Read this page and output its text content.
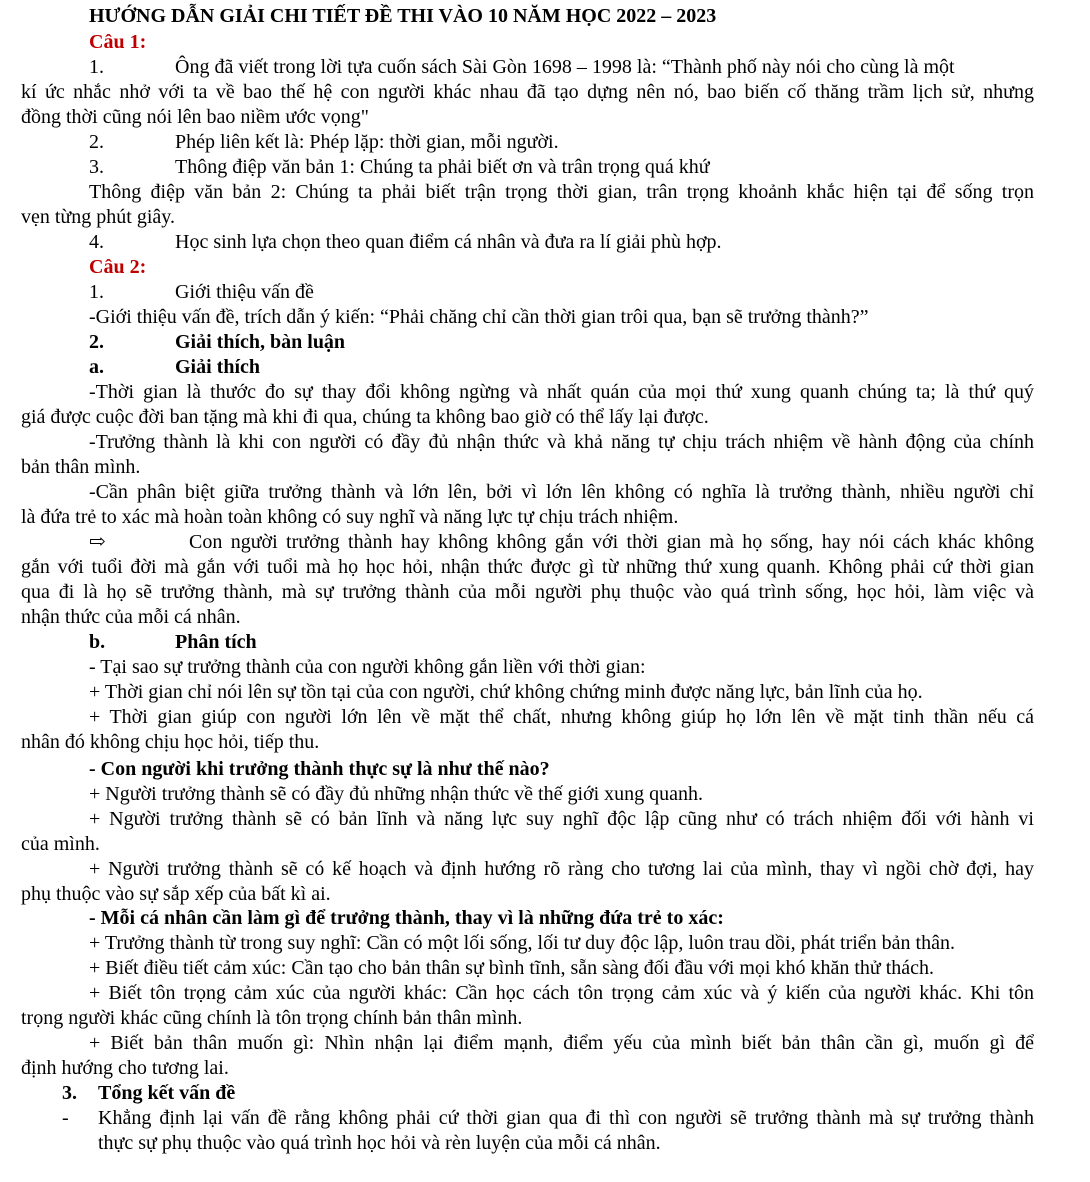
HƯỚNG DẪN GIẢI CHI TIẾT ĐỀ THI VÀO 10 NĂM HỌC 2022 – 2023
Câu 1:
1.	Ông đã viết trong lời tựa cuốn sách Sài Gòn 1698 – 1998 là: “Thành phố này nói cho cùng là một
kí ức nhắc nhở với ta về bao thế hệ con người khác nhau đã tạo dựng nên nó, bao biến cố thăng trầm lịch sử, nhưng
đồng thời cũng nói lên bao niềm ước vọng"
2.	Phép liên kết là: Phép lặp: thời gian, mỗi người.
3.	Thông điệp văn bản 1: Chúng ta phải biết ơn và trân trọng quá khứ
Thông điệp văn bản 2: Chúng ta phải biết trận trọng thời gian, trân trọng khoảnh khắc hiện tại để sống trọn
vẹn từng phút giây.
4.	Học sinh lựa chọn theo quan điểm cá nhân và đưa ra lí giải phù hợp.
Câu 2:
1.	Giới thiệu vấn đề
-Giới thiệu vấn đề, trích dẫn ý kiến: “Phải chăng chỉ cần thời gian trôi qua, bạn sẽ trưởng thành?”
2.	Giải thích, bàn luận
a.	Giải thích
-Thời gian là thước đo sự thay đổi không ngừng và nhất quán của mọi thứ xung quanh chúng ta; là thứ quý
giá được cuộc đời ban tặng mà khi đi qua, chúng ta không bao giờ có thể lấy lại được.
-Trưởng thành là khi con người có đầy đủ nhận thức và khả năng tự chịu trách nhiệm về hành động của chính
bản thân mình.
-Cần phân biệt giữa trưởng thành và lớn lên, bởi vì lớn lên không có nghĩa là trưởng thành, nhiều người chỉ
là đứa trẻ to xác mà hoàn toàn không có suy nghĩ và năng lực tự chịu trách nhiệm.
⇨	Con người trưởng thành hay không không gắn với thời gian mà họ sống, hay nói cách khác không
gắn với tuổi đời mà gắn với tuổi mà họ học hỏi, nhận thức được gì từ những thứ xung quanh. Không phải cứ thời gian
qua đi là họ sẽ trưởng thành, mà sự trưởng thành của mỗi người phụ thuộc vào quá trình sống, học hỏi, làm việc và
nhận thức của mỗi cá nhân.
b.	Phân tích
- Tại sao sự trưởng thành của con người không gắn liền với thời gian:
+ Thời gian chỉ nói lên sự tồn tại của con người, chứ không chứng minh được năng lực, bản lĩnh của họ.
+ Thời gian giúp con người lớn lên về mặt thể chất, nhưng không giúp họ lớn lên về mặt tinh thần nếu cá
nhân đó không chịu học hỏi, tiếp thu.
- Con người khi trưởng thành thực sự là như thế nào?
+ Người trưởng thành sẽ có đầy đủ những nhận thức về thế giới xung quanh.
+ Người trưởng thành sẽ có bản lĩnh và năng lực suy nghĩ độc lập cũng như có trách nhiệm đối với hành vi
của mình.
+ Người trưởng thành sẽ có kế hoạch và định hướng rõ ràng cho tương lai của mình, thay vì ngồi chờ đợi, hay
phụ thuộc vào sự sắp xếp của bất kì ai.
- Mỗi cá nhân cần làm gì để trưởng thành, thay vì là những đứa trẻ to xác:
+ Trưởng thành từ trong suy nghĩ: Cần có một lối sống, lối tư duy độc lập, luôn trau dồi, phát triển bản thân.
+ Biết điều tiết cảm xúc: Cần tạo cho bản thân sự bình tĩnh, sẵn sàng đối đầu với mọi khó khăn thử thách.
+ Biết tôn trọng cảm xúc của người khác: Cần học cách tôn trọng cảm xúc và ý kiến của người khác. Khi tôn
trọng người khác cũng chính là tôn trọng chính bản thân mình.
+ Biết bản thân muốn gì: Nhìn nhận lại điểm mạnh, điểm yếu của mình biết bản thân cần gì, muốn gì để
định hướng cho tương lai.
3. Tổng kết vấn đề
-	Khẳng định lại vấn đề rằng không phải cứ thời gian qua đi thì con người sẽ trưởng thành mà sự trưởng thành
thực sự phụ thuộc vào quá trình học hỏi và rèn luyện của mỗi cá nhân.
